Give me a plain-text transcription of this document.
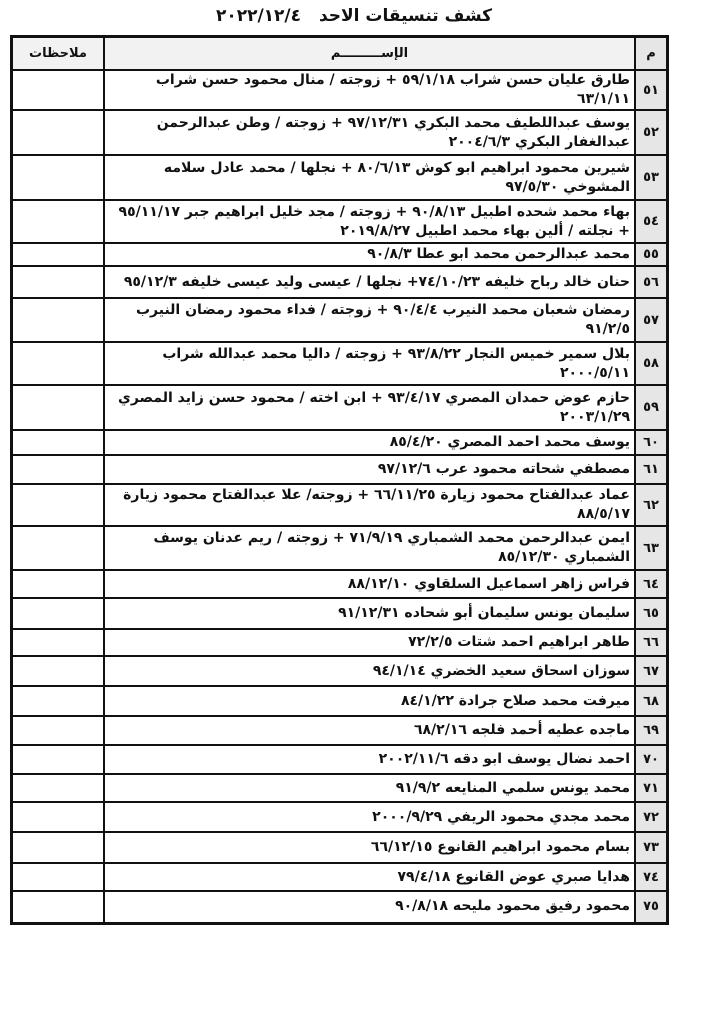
كشف تنسيقات الاحد ٢٠٢٢/١٢/٤
م	الإســـــــــم	ملاحظات
٥١	طارق عليان حسن شراب ٥٩/١/١٨ + زوجته / منال محمود حسن شراب ٦٣/١/١١	
٥٢	يوسف عبداللطيف محمد البكري ٩٧/١٢/٣١ + زوجته / وطن عبدالرحمن عبدالغفار البكري ٢٠٠٤/٦/٣	
٥٣	شيرين محمود ابراهيم ابو كوش ٨٠/٦/١٣ + نجلها / محمد عادل سلامه المشوخي ٩٧/٥/٣٠	
٥٤	بهاء محمد شحده اطبيل ٩٠/٨/١٣ + زوجته / مجد خليل ابراهيم جبر ٩٥/١١/١٧ + نجلته / ألين بهاء محمد اطبيل ٢٠١٩/٨/٢٧	
٥٥	محمد عبدالرحمن محمد ابو عطا ٩٠/٨/٣	
٥٦	حنان خالد رباح خليفه ٧٤/١٠/٢٣+ نجلها / عيسى وليد عيسى خليفه ٩٥/١٢/٣	
٥٧	رمضان شعبان محمد النيرب ٩٠/٤/٤ + زوجته / فداء محمود رمضان النيرب ٩١/٢/٥	
٥٨	بلال سمير خميس النجار ٩٣/٨/٢٢ + زوجته / داليا محمد عبدالله شراب ٢٠٠٠/٥/١١	
٥٩	حازم عوض حمدان المصري ٩٣/٤/١٧ + ابن اخته / محمود حسن زايد المصري ٢٠٠٣/١/٢٩	
٦٠	يوسف محمد احمد المصري ٨٥/٤/٢٠	
٦١	مصطفي شحاته محمود عرب ٩٧/١٢/٦	
٦٢	عماد عبدالفتاح محمود زيارة ٦٦/١١/٢٥ + زوجته/ علا عبدالفتاح محمود زيارة ٨٨/٥/١٧	
٦٣	ايمن عبدالرحمن محمد الشمباري ٧١/٩/١٩ + زوجته / ريم عدنان يوسف الشمباري ٨٥/١٢/٣٠	
٦٤	فراس زاهر اسماعيل السلقاوي ٨٨/١٢/١٠	
٦٥	سليمان يونس سليمان أبو شحاده ٩١/١٢/٣١	
٦٦	طاهر ابراهيم احمد شتات ٧٢/٢/٥	
٦٧	سوزان اسحاق سعيد الخضري ٩٤/١/١٤	
٦٨	ميرفت محمد صلاح جرادة ٨٤/١/٢٢	
٦٩	ماجده عطيه أحمد فلجه ٦٨/٢/١٦	
٧٠	احمد نضال يوسف ابو دقه ٢٠٠٢/١١/٦	
٧١	محمد يونس سلمي المنايعه ٩١/٩/٢	
٧٢	محمد مجدي محمود الريفي ٢٠٠٠/٩/٢٩	
٧٣	بسام محمود ابراهيم القانوع ٦٦/١٢/١٥	
٧٤	هدايا صبري عوض القانوع ٧٩/٤/١٨	
٧٥	محمود رفيق محمود مليحه ٩٠/٨/١٨	
